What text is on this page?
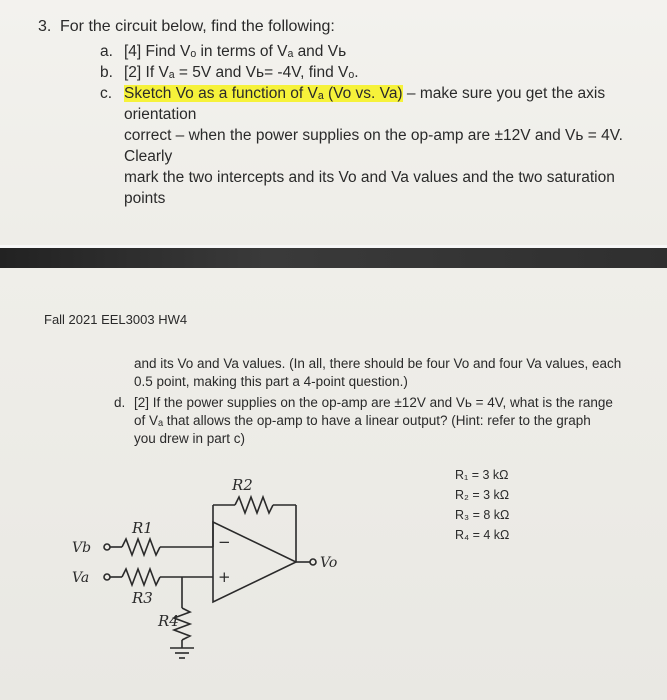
3. For the circuit below, find the following:
a. [4] Find Vₒ in terms of Vₐ and Vь
b. [2] If Vₐ = 5V and Vь= -4V, find Vₒ.
c. Sketch Vo as a function of Vₐ (Vo vs. Va) – make sure you get the axis orientation
correct – when the power supplies on the op-amp are ±12V and Vь = 4V. Clearly
mark the two intercepts and its Vo and Va values and the two saturation points
Fall 2021 EEL3003 HW4
and its Vo and Va values. (In all, there should be four Vo and four Va values, each
0.5 point, making this part a 4-point question.)
d. [2] If the power supplies on the op-amp are ±12V and Vь = 4V, what is the range
of Vₐ that allows the op-amp to have a linear output? (Hint: refer to the graph
you drew in part c)
R₁ = 3 kΩ
R₂ = 3 kΩ
R₃ = 8 kΩ
R₄ = 4 kΩ
Vb
Va
Vo
R1
R2
R3
R4
−
+
